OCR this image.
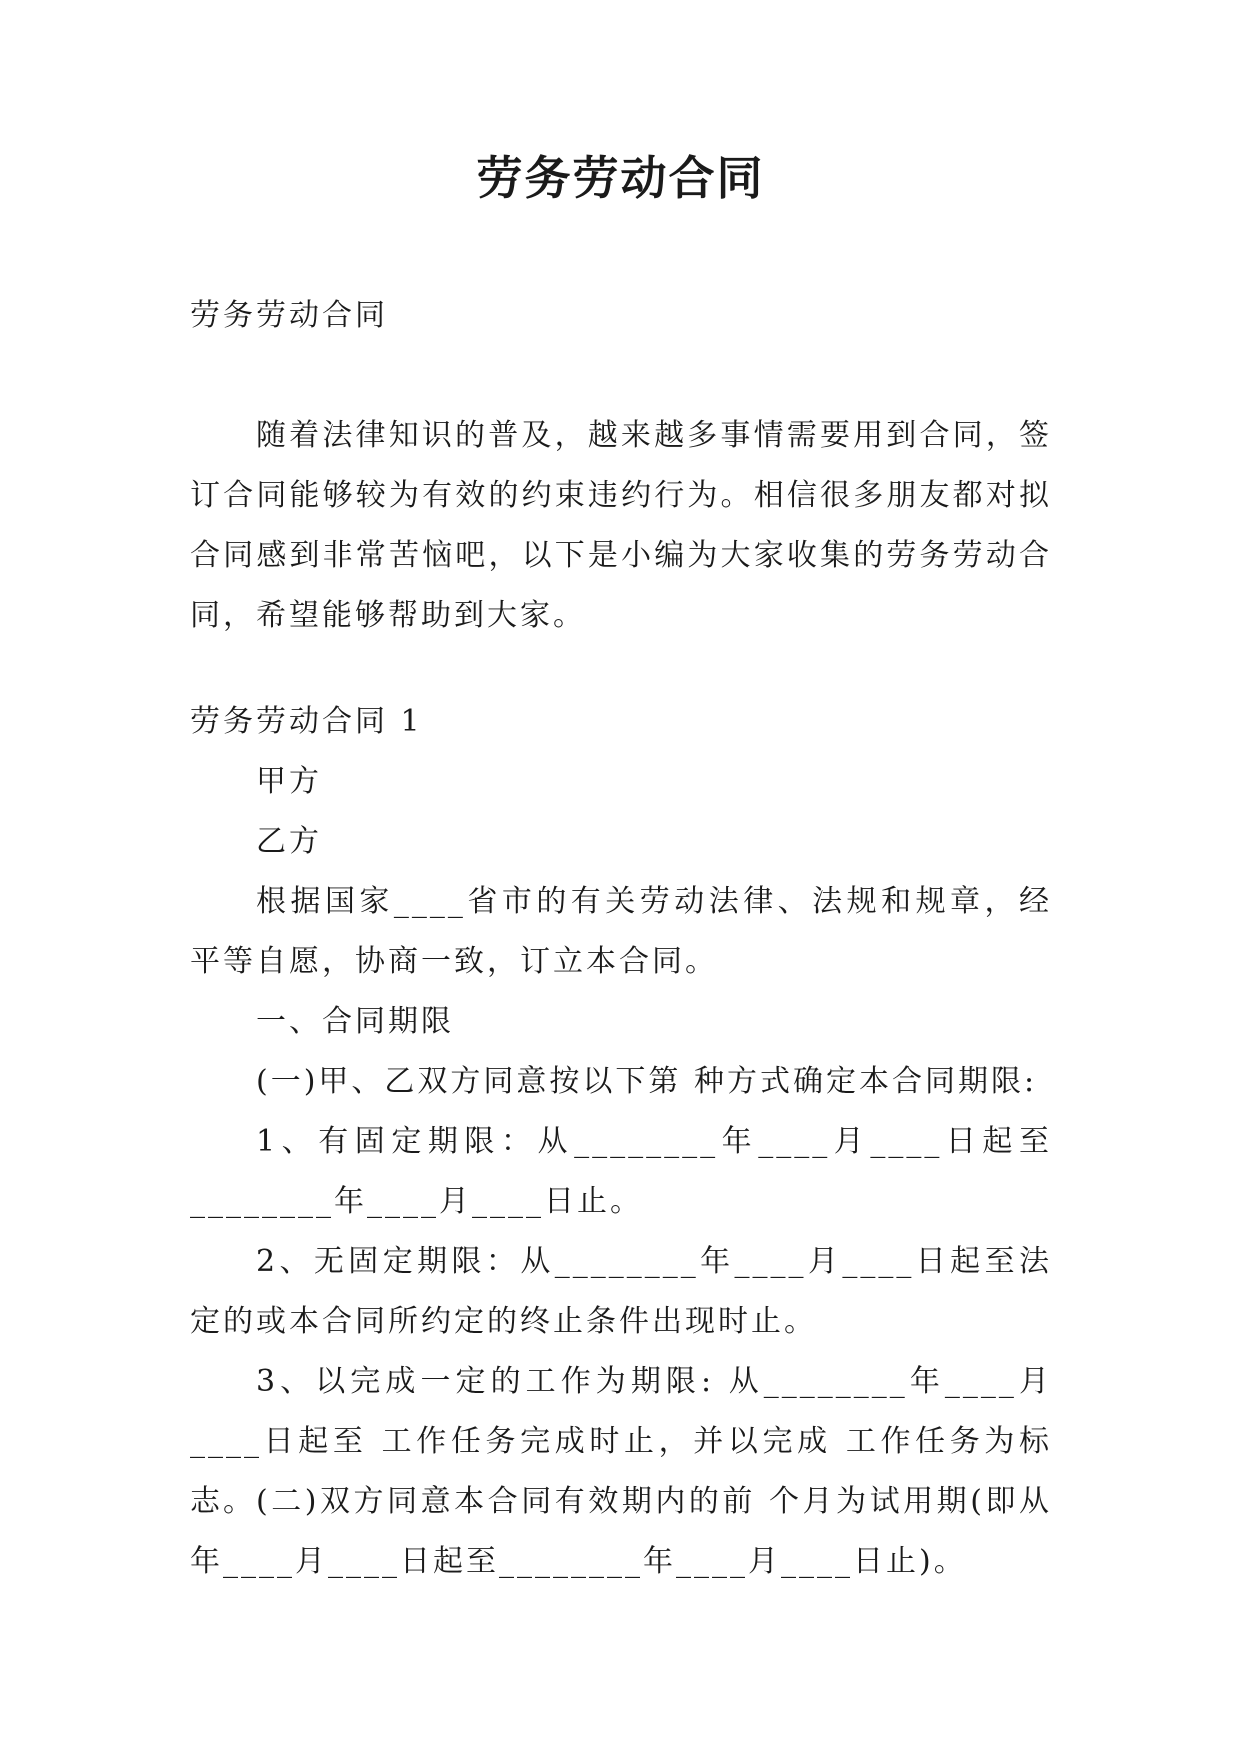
劳务劳动合同

劳务劳动合同

随着法律知识的普及，越来越多事情需要用到合同，签订合同能够较为有效的约束违约行为。相信很多朋友都对拟合同感到非常苦恼吧，以下是小编为大家收集的劳务劳动合同，希望能够帮助到大家。

劳务劳动合同 1

甲方

乙方

根据国家____省市的有关劳动法律、法规和规章，经平等自愿，协商一致，订立本合同。

一、合同期限

(一)甲、乙双方同意按以下第 种方式确定本合同期限:

1、有固定期限：从________年____月____日起至________年____月____日止。

2、无固定期限：从________年____月____日起至法定的或本合同所约定的终止条件出现时止。

3、以完成一定的工作为期限: 从________年____月____日起至 工作任务完成时止，并以完成 工作任务为标志。 (二)双方同意本合同有效期内的前 个月为试用期(即从 年____月____日起至________年____月____日止)。
